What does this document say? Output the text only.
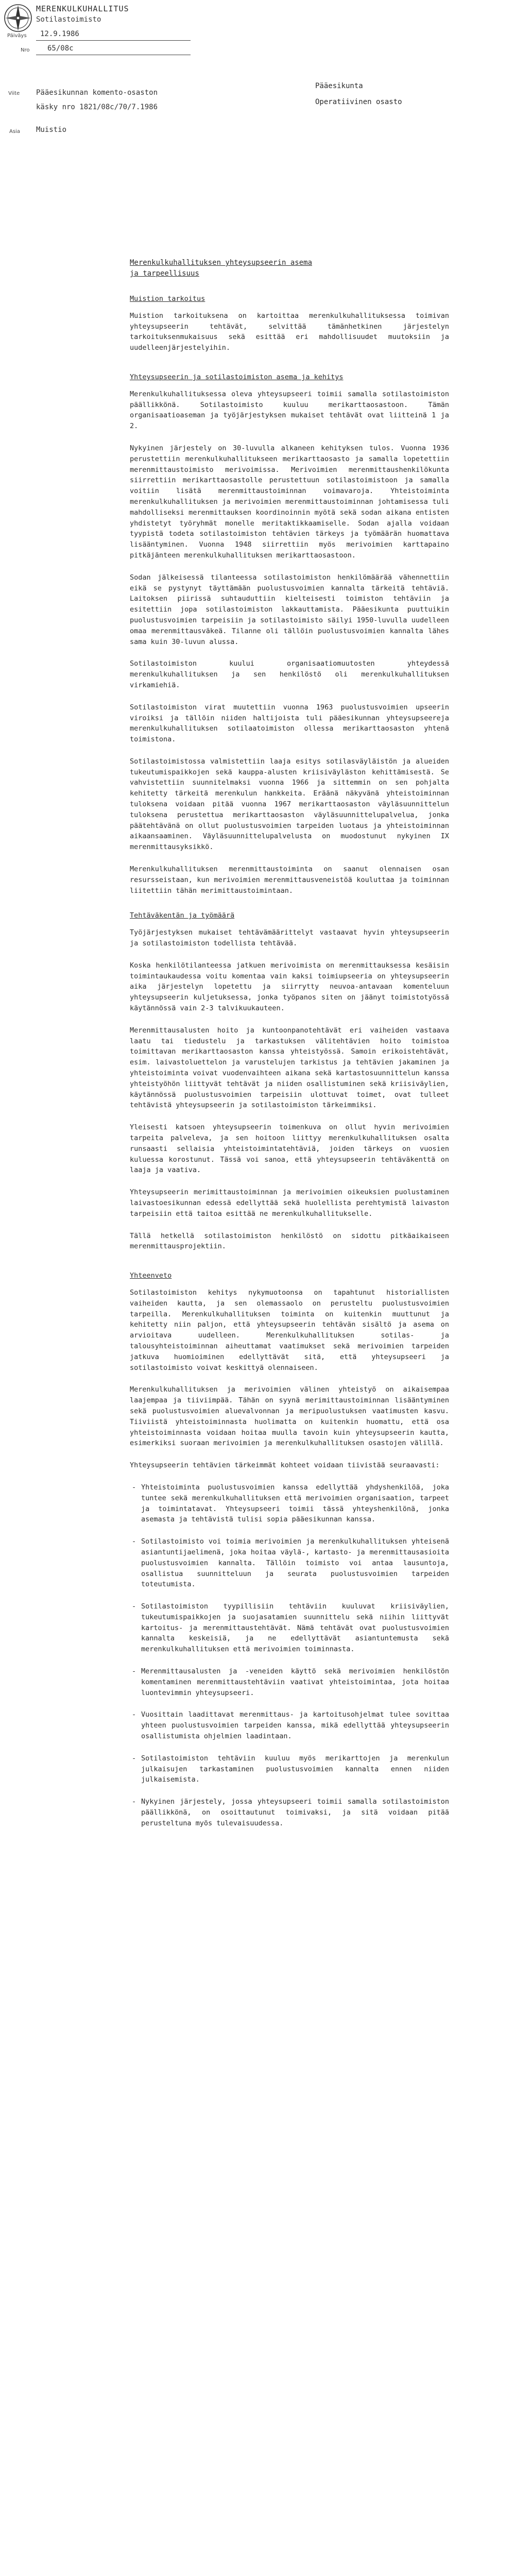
MERENKULKUHALLITUS
Sotilastoimisto
Päiväys 12.9.1986
Nro 65/08c
Viite Pääesikunnan komento-osaston
käsky nro 1821/08c/70/7.1986
Asia Muistio
Pääesikunta
Operatiivinen osasto
Merenkulkuhallituksen yhteysupseerin asema
ja tarpeellisuus
Muistion tarkoitus

Muistion tarkoituksena on kartoittaa merenkulkuhallituksessa toimivan yhteysupseerin tehtävät, selvittää tämänhetkinen järjestelyn tarkoituksenmukaisuus sekä esittää eri mahdollisuudet muutoksiin ja uudelleenjärjestelyihin.

Yhteysupseerin ja sotilastoimiston asema ja kehitys

Merenkulkuhallituksessa oleva yhteysupseeri toimii samalla sotilastoimiston päällikkönä. Sotilastoimisto kuuluu merikarttaosastoon. Tämän organisaatioaseman ja työjärjestyksen mukaiset tehtävät ovat liitteinä 1 ja 2.

Nykyinen järjestely on 30-luvulla alkaneen kehityksen tulos. Vuonna 1936 perustettiin merenkulkuhallitukseen merikarttaosasto ja samalla lopetettiin merenmittaustoimisto merivoimissa. Merivoimien merenmittaushenkilökunta siirrettiin merikarttaosastolle perustettuun sotilastoimistoon ja samalla voitiin lisätä merenmittaustoiminnan voimavaroja. Yhteistoiminta merenkulkuhallituksen ja merivoimien merenmittaustoiminnan johtamisessa tuli mahdolliseksi merenmittauksen koordinoinnin myötä sekä sodan aikana entisten yhdistetyt työryhmät monelle meritaktikkaamiselle. Sodan ajalla voidaan tyypistä todeta sotilastoimiston tehtävien tärkeys ja työmäärän huomattava lisääntyminen. Vuonna 1948 siirrettiin myös merivoimien karttapaino pitkäjänteen merenkulkuhallituksen merikarttaosastoon.

Sodan jälkeisessä tilanteessa sotilastoimiston henkilömäärää vähennettiin eikä se pystynyt täyttämään puolustusvoimien kannalta tärkeitä tehtäviä. Laitoksen piirissä suhtauduttiin kielteisesti toimiston tehtäviin ja esitettiin jopa sotilastoimiston lakkauttamista. Pääesikunta puuttuikin puolustusvoimien tarpeisiin ja sotilastoimisto säilyi 1950-luvulla uudelleen omaa merenmittausväkeä. Tilanne oli tällöin puolustusvoimien kannalta lähes sama kuin 30-luvun alussa.

Sotilastoimiston kuului organisaatiomuutosten yhteydessä merenkulkuhallituksen ja sen henkilöstö oli merenkulkuhallituksen virkamiehiä.

Sotilastoimiston virat muutettiin vuonna 1963 puolustusvoimien upseerin viroiksi ja tällöin niiden haltijoista tuli pääesikunnan yhteysupseereja merenkulkuhallituksen sotilaatoimiston ollessa merikarttaosaston yhtenä toimistona.

Sotilastoimistossa valmistettiin laaja esitys sotilasväyläistön ja alueiden tukeutumispaikkojen sekä kauppa-alusten kriisiväyläston kehittämisestä. Se vahvistettiin suunnitelmaksi vuonna 1966 ja sittemmin on sen pohjalta kehitetty tärkeitä merenkulun hankkeita. Eräänä näkyvänä yhteistoiminnan tuloksena voidaan pitää vuonna 1967 merikarttaosaston väyläsuunnittelun tuloksena perustettua merikarttaosaston väyläsuunnittelupalvelua, jonka päätehtävänä on ollut puolustusvoimien tarpeiden luotaus ja yhteistoiminnan aikaansaaminen. Väyläsuunnittelupalvelusta on muodostunut nykyinen IX merenmittausyksikkö.

Merenkulkuhallituksen merenmittaustoiminta on saanut olennaisen osan resursseistaan, kun merivoimien merenmittausveneistöä kouluttaa ja toiminnan liitettiin tähän merimittaustoimintaan.

Tehtäväkentän ja työmäärä

Työjärjestyksen mukaiset tehtävämäärittelyt vastaavat hyvin yhteysupseerin ja sotilastoimiston todellista tehtävää.

Koska henkilötilanteessa jatkuen merivoimista on merenmittauksessa kesäisin toimintaukaudessa voitu komentaa vain kaksi toimiupseeria on yhteysupseerin aika järjestelyn lopetettu ja siirrytty neuvoa-antavaan komenteluun yhteysupseerin kuljetuksessa, jonka työpanos siten on jäänyt toimistotyössä käytännössä vain 2-3 talvikuukauteen.

Merenmittausalusten hoito ja kuntoonpanotehtävät eri vaiheiden vastaava laatu tai tiedustelu ja tarkastuksen välitehtävien hoito toimistoa toimittavan merikarttaosaston kanssa yhteistyössä. Samoin erikoistehtävät, esim. laivastoluettelon ja varustelujen tarkistus ja tehtävien jakaminen ja yhteistoiminta voivat vuodenvaihteen aikana sekä kartastosuunnittelun kanssa yhteistyöhön liittyvät tehtävät ja niiden osallistuminen sekä kriisiväylien, käytännössä puolustusvoimien tarpeisiin ulottuvat toimet, ovat tulleet tehtävistä yhteysupseerin ja sotilastoimiston tärkeimmiksi.

Yleisesti katsoen yhteysupseerin toimenkuva on ollut hyvin merivoimien tarpeita palveleva, ja sen hoitoon liittyy merenkulkuhallituksen osalta runsaasti sellaisia yhteistoimintatehtäviä, joiden tärkeys on vuosien kuluessa korostunut. Tässä voi sanoa, että yhteysupseerin tehtäväkenttä on laaja ja vaativa.

Yhteysupseerin merimittaustoiminnan ja merivoimien oikeuksien puolustaminen laivastoesikunnan edessä edellyttää sekä huolellista perehtymistä laivaston tarpeisiin että taitoa esittää ne merenkulkuhallitukselle.

Tällä hetkellä sotilastoimiston henkilöstö on sidottu pitkäaikaiseen merenmittausprojektiin.

Yhteenveto

Sotilastoimiston kehitys nykymuotoonsa on tapahtunut historiallisten vaiheiden kautta, ja sen olemassaolo on perusteltu puolustusvoimien tarpeilla. Merenkulkuhallituksen toiminta on kuitenkin muuttunut ja kehitetty niin paljon, että yhteysupseerin tehtävän sisältö ja asema on arvioitava uudelleen. Merenkulkuhallituksen sotilas- ja talousyhteistoiminnan aiheuttamat vaatimukset sekä merivoimien tarpeiden jatkuva huomioiminen edellyttävät sitä, että yhteysupseeri ja sotilastoimisto voivat keskittyä olennaiseen.

Merenkulkuhallituksen ja merivoimien välinen yhteistyö on aikaisempaa laajempaa ja tiiviimpää. Tähän on syynä merimittaustoiminnan lisääntyminen sekä puolustusvoimien aluevalvonnan ja meripuolustuksen vaatimusten kasvu. Tiiviistä yhteistoiminnasta huolimatta on kuitenkin huomattu, että osa yhteistoiminnasta voidaan hoitaa muulla tavoin kuin yhteysupseerin kautta, esimerkiksi suoraan merivoimien ja merenkulkuhallituksen osastojen välillä.

Yhteysupseerin tehtävien tärkeimmät kohteet voidaan tiivistää seuraavasti:

- Yhteistoiminta puolustusvoimien kanssa edellyttää yhdyshenkilöä, joka tuntee sekä merenkulkuhallituksen että merivoimien organisaation, tarpeet ja toimintatavat. Yhteysupseeri toimii tässä yhteyshenkilönä, jonka asemasta ja tehtävistä tulisi sopia pääesikunnan kanssa.
- Sotilastoimisto voi toimia merivoimien ja merenkulkuhallituksen yhteisenä asiantuntijaelimenä, joka hoitaa väylä-, kartasto- ja merenmittausasioita puolustusvoimien kannalta. Tällöin toimisto voi antaa lausuntoja, osallistua suunnitteluun ja seurata puolustusvoimien tarpeiden toteutumista.
- Sotilastoimiston tyypillisiin tehtäviin kuuluvat kriisiväylien, tukeutumispaikkojen ja suojasatamien suunnittelu sekä niihin liittyvät kartoitus- ja merenmittaustehtävät. Nämä tehtävät ovat puolustusvoimien kannalta keskeisiä, ja ne edellyttävät asiantuntemusta sekä merenkulkuhallituksen että merivoimien toiminnasta.
- Merenmittausalusten ja -veneiden käyttö sekä merivoimien henkilöstön komentaminen merenmittaustehtäviin vaativat yhteistoimintaa, jota hoitaa luontevimmin yhteysupseeri.
- Vuosittain laadittavat merenmittaus- ja kartoitusohjelmat tulee sovittaa yhteen puolustusvoimien tarpeiden kanssa, mikä edellyttää yhteysupseerin osallistumista ohjelmien laadintaan.
- Sotilastoimiston tehtäviin kuuluu myös merikarttojen ja merenkulun julkaisujen tarkastaminen puolustusvoimien kannalta ennen niiden julkaisemista.
- Nykyinen järjestely, jossa yhteysupseeri toimii samalla sotilastoimiston päällikkönä, on osoittautunut toimivaksi, ja sitä voidaan pitää perusteltuna myös tulevaisuudessa.
